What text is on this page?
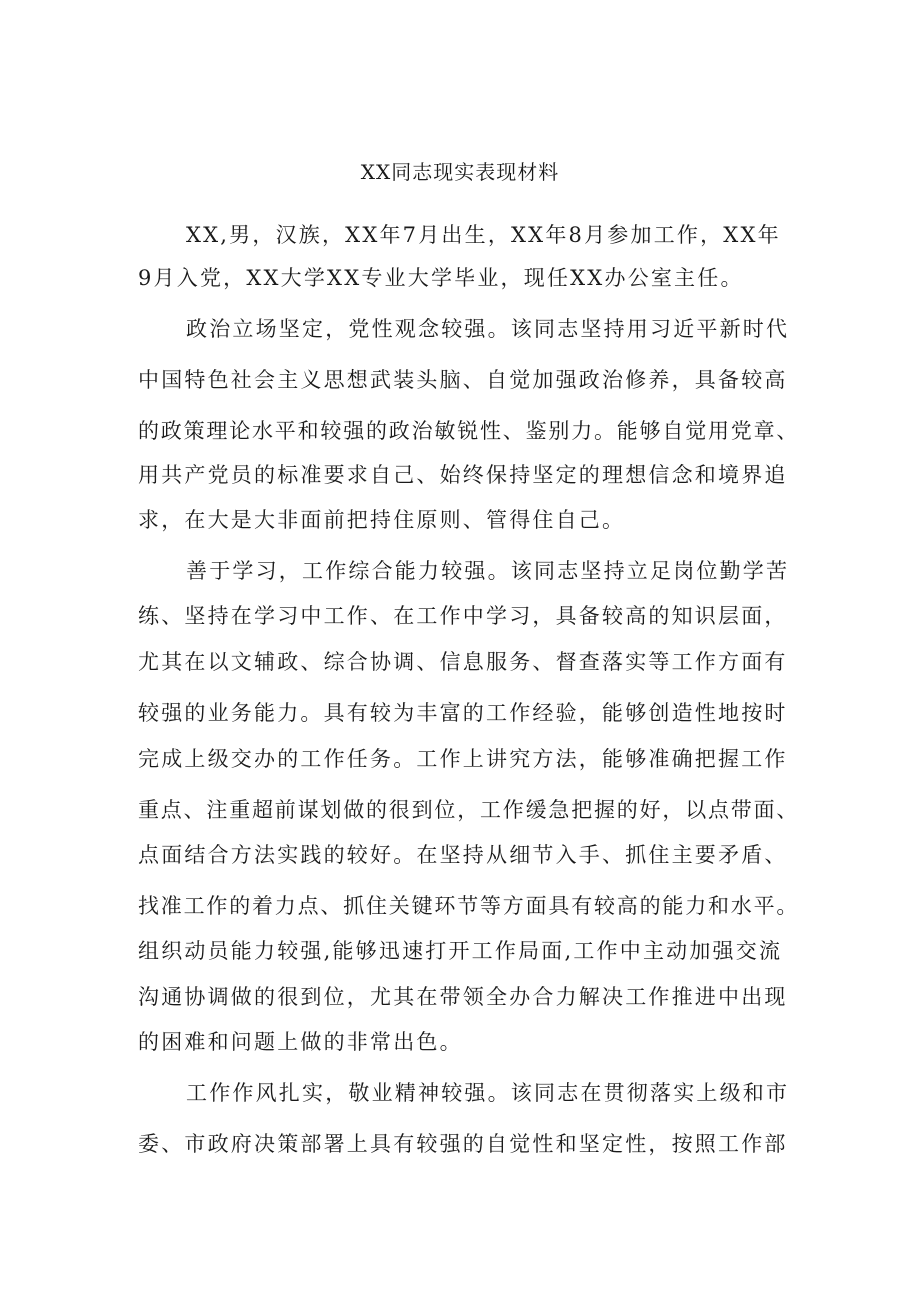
XX同志现实表现材料
XX,男，汉族，XX年7月出生，XX年8月参加工作，XX年
9月入党，XX大学XX专业大学毕业，现任XX办公室主任。
政治立场坚定，党性观念较强。该同志坚持用习近平新时代
中国特色社会主义思想武装头脑、自觉加强政治修养，具备较高
的政策理论水平和较强的政治敏锐性、鉴别力。能够自觉用党章、
用共产党员的标准要求自己、始终保持坚定的理想信念和境界追
求，在大是大非面前把持住原则、管得住自己。
善于学习，工作综合能力较强。该同志坚持立足岗位勤学苦
练、坚持在学习中工作、在工作中学习，具备较高的知识层面，
尤其在以文辅政、综合协调、信息服务、督查落实等工作方面有
较强的业务能力。具有较为丰富的工作经验，能够创造性地按时
完成上级交办的工作任务。工作上讲究方法，能够准确把握工作
重点、注重超前谋划做的很到位，工作缓急把握的好，以点带面、
点面结合方法实践的较好。在坚持从细节入手、抓住主要矛盾、
找准工作的着力点、抓住关键环节等方面具有较高的能力和水平。
组织动员能力较强,能够迅速打开工作局面,工作中主动加强交流
沟通协调做的很到位，尤其在带领全办合力解决工作推进中出现
的困难和问题上做的非常出色。
工作作风扎实，敬业精神较强。该同志在贯彻落实上级和市
委、市政府决策部署上具有较强的自觉性和坚定性，按照工作部
